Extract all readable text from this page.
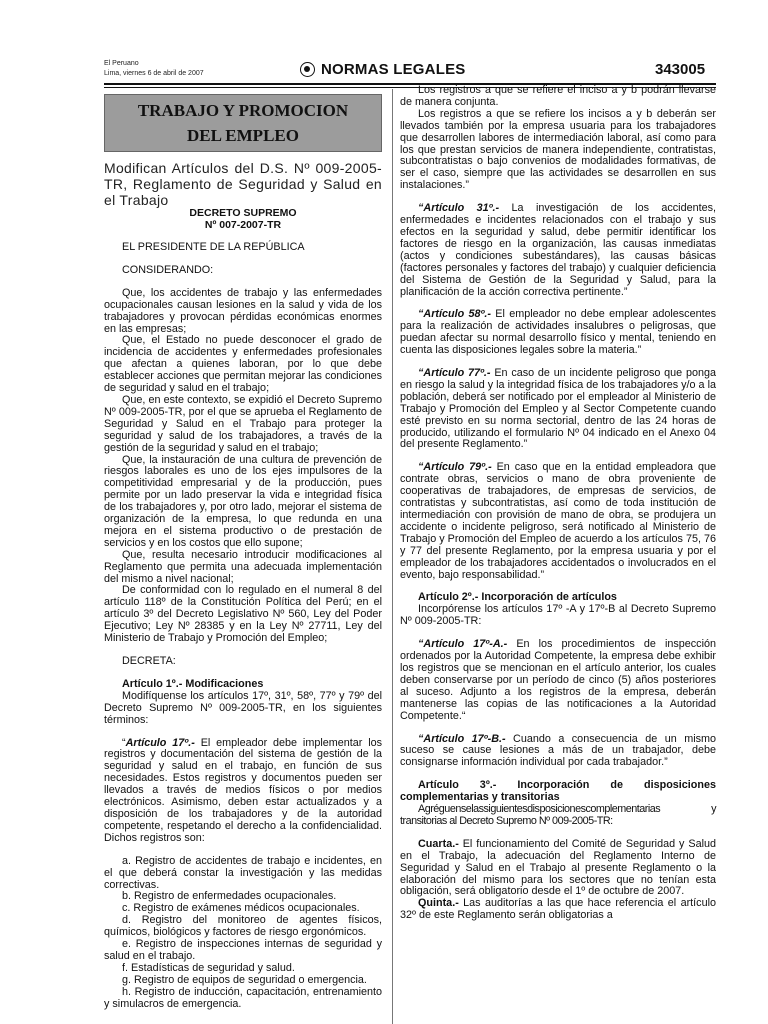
El Peruano
Lima, viernes 6 de abril de 2007	NORMAS LEGALES	343005
TRABAJO Y PROMOCION
DEL EMPLEO

Modifican Artículos del D.S. Nº 009-2005-TR, Reglamento de Seguridad y Salud en el Trabajo

DECRETO SUPREMO

Nº 007-2007-TR

EL PRESIDENTE DE LA REPÚBLICA

CONSIDERANDO:

Que, los accidentes de trabajo y las enfermedades ocupacionales causan lesiones en la salud y vida de los trabajadores y provocan pérdidas económicas enormes en las empresas;

Que, el Estado no puede desconocer el grado de incidencia de accidentes y enfermedades profesionales que afectan a quienes laboran, por lo que debe establecer acciones que permitan mejorar las condiciones de seguridad y salud en el trabajo;

Que, en este contexto, se expidió el Decreto Supremo Nº 009-2005-TR, por el que se aprueba el Reglamento de Seguridad y Salud en el Trabajo para proteger la seguridad y salud de los trabajadores, a través de la gestión de la seguridad y salud en el trabajo;

Que, la instauración de una cultura de prevención de riesgos laborales es uno de los ejes impulsores de la competitividad empresarial y de la producción, pues permite por un lado preservar la vida e integridad física de los trabajadores y, por otro lado, mejorar el sistema de organización de la empresa, lo que redunda en una mejora en el sistema productivo o de prestación de servicios y en los costos que ello supone;

Que, resulta necesario introducir modificaciones al Reglamento que permita una adecuada implementación del mismo a nivel nacional;

De conformidad con lo regulado en el numeral 8 del artículo 118º de la Constitución Política del Perú; en el artículo 3º del Decreto Legislativo Nº 560, Ley del Poder Ejecutivo; Ley Nº 28385 y en la Ley Nº 27711, Ley del Ministerio de Trabajo y Promoción del Empleo;

DECRETA:

Artículo 1º.- Modificaciones

Modifíquense los artículos 17º, 31º, 58º, 77º y 79º del Decreto Supremo Nº 009-2005-TR, en los siguientes términos:

“Artículo 17º.- El empleador debe implementar los registros y documentación del sistema de gestión de la seguridad y salud en el trabajo, en función de sus necesidades. Estos registros y documentos pueden ser llevados a través de medios físicos o por medios electrónicos. Asimismo, deben estar actualizados y a disposición de los trabajadores y de la autoridad competente, respetando el derecho a la confidencialidad. Dichos registros son:

a. Registro de accidentes de trabajo e incidentes, en el que deberá constar la investigación y las medidas correctivas.

b. Registro de enfermedades ocupacionales.

c. Registro de exámenes médicos ocupacionales.

d. Registro del monitoreo de agentes físicos, químicos, biológicos y factores de riesgo ergonómicos.

e. Registro de inspecciones internas de seguridad y salud en el trabajo.

f. Estadísticas de seguridad y salud.

g. Registro de equipos de seguridad o emergencia.

h. Registro de inducción, capacitación, entrenamiento y simulacros de emergencia.

Los registros a que se refiere el inciso a y b podrán llevarse de manera conjunta.

Los registros a que se refiere los incisos a y b deberán ser llevados también por la empresa usuaria para los trabajadores que desarrollen labores de intermediación laboral, así como para los que prestan servicios de manera independiente, contratistas, subcontratistas o bajo convenios de modalidades formativas, de ser el caso, siempre que las actividades se desarrollen en sus instalaciones.”

“Artículo 31º.- La investigación de los accidentes, enfermedades e incidentes relacionados con el trabajo y sus efectos en la seguridad y salud, debe permitir identificar los factores de riesgo en la organización, las causas inmediatas (actos y condiciones subestándares), las causas básicas (factores personales y factores del trabajo) y cualquier deficiencia del Sistema de Gestión de la Seguridad y Salud, para la planificación de la acción correctiva pertinente.”

“Artículo 58º.- El empleador no debe emplear adolescentes para la realización de actividades insalubres o peligrosas, que puedan afectar su normal desarrollo físico y mental, teniendo en cuenta las disposiciones legales sobre la materia.”

“Artículo 77º.- En caso de un incidente peligroso que ponga en riesgo la salud y la integridad física de los trabajadores y/o a la población, deberá ser notificado por el empleador al Ministerio de Trabajo y Promoción del Empleo y al Sector Competente cuando esté previsto en su norma sectorial, dentro de las 24 horas de producido, utilizando el formulario Nº 04 indicado en el Anexo 04 del presente Reglamento.”

“Artículo 79º.- En caso que en la entidad empleadora que contrate obras, servicios o mano de obra proveniente de cooperativas de trabajadores, de empresas de servicios, de contratistas y subcontratistas, así como de toda institución de intermediación con provisión de mano de obra, se produjera un accidente o incidente peligroso, será notificado al Ministerio de Trabajo y Promoción del Empleo de acuerdo a los artículos 75, 76 y 77 del presente Reglamento, por la empresa usuaria y por el empleador de los trabajadores accidentados o involucrados en el evento, bajo responsabilidad.”

Artículo 2º.- Incorporación de artículos

Incorpórense los artículos 17º -A y 17º-B al Decreto Supremo Nº 009-2005-TR:

“Artículo 17º-A.- En los procedimientos de inspección ordenados por la Autoridad Competente, la empresa debe exhibir los registros que se mencionan en el artículo anterior, los cuales deben conservarse por un período de cinco (5) años posteriores al suceso. Adjunto a los registros de la empresa, deberán mantenerse las copias de las notificaciones a la Autoridad Competente.“

“Artículo 17º-B.- Cuando a consecuencia de un mismo suceso se cause lesiones a más de un trabajador, debe consignarse información individual por cada trabajador.”

Artículo 3º.- Incorporación de disposiciones complementarias y transitorias

Agréguenselassiguientesdisposicionescomplementarias y transitorias al Decreto Supremo Nº 009-2005-TR:

Cuarta.- El funcionamiento del Comité de Seguridad y Salud en el Trabajo, la adecuación del Reglamento Interno de Seguridad y Salud en el Trabajo al presente Reglamento o la elaboración del mismo para los sectores que no tenían esta obligación, será obligatorio desde el 1º de octubre de 2007.

Quinta.- Las auditorías a las que hace referencia el artículo 32º de este Reglamento serán obligatorias a
